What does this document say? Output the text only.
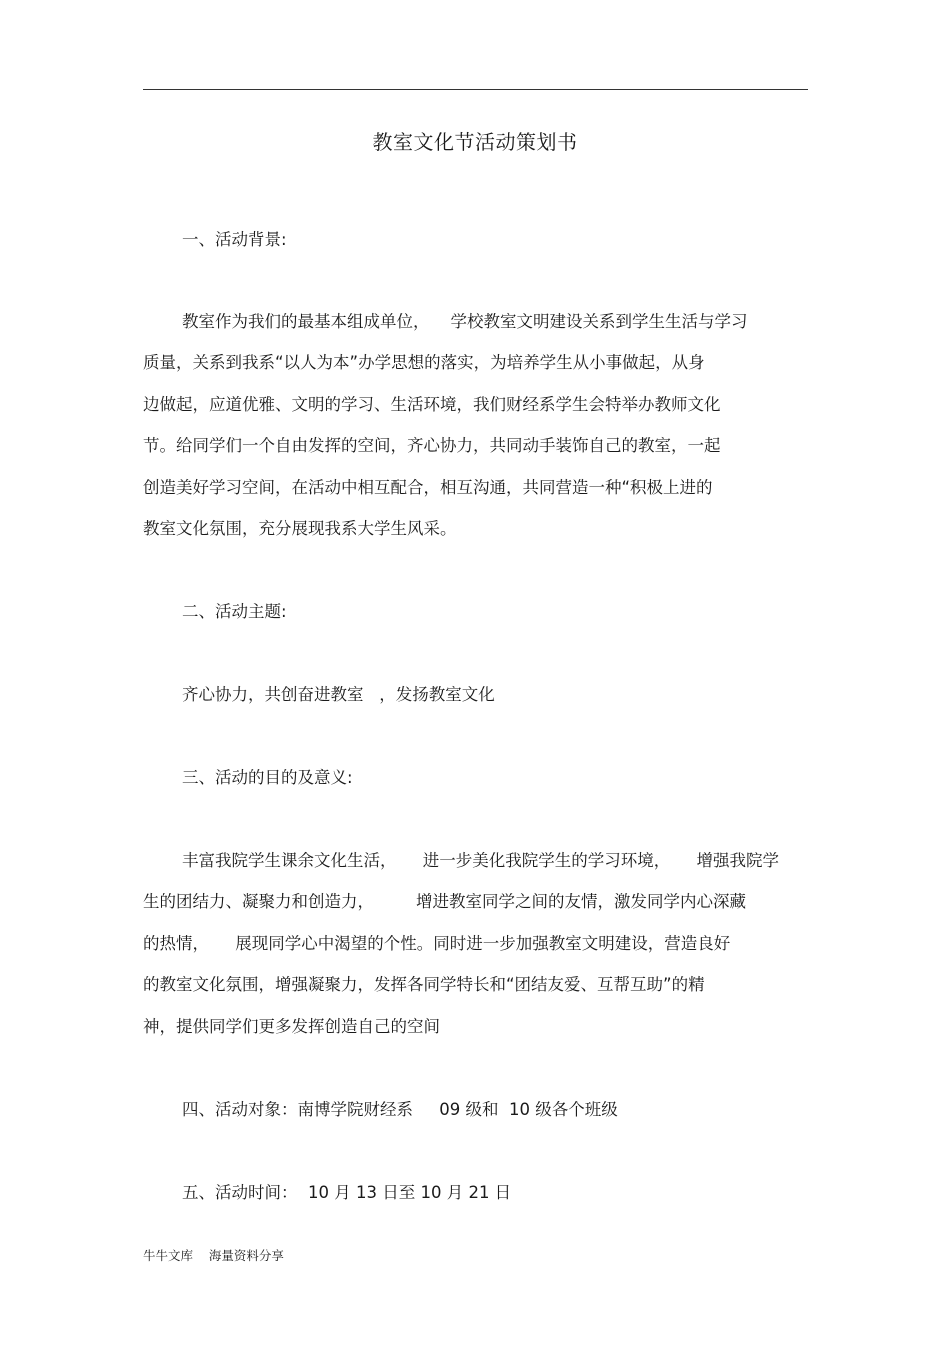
教室文化节活动策划书
一、活动背景:
教室作为我们的最基本组成单位，    学校教室文明建设关系到学生生活与学习
质量，关系到我系“以人为本”办学思想的落实，为培养学生从小事做起，从身
边做起，应道优雅、文明的学习、生活环境，我们财经系学生会特举办教师文化
节。给同学们一个自由发挥的空间，齐心协力，共同动手装饰自己的教室，一起
创造美好学习空间，在活动中相互配合，相互沟通，共同营造一种“积极上进的
教室文化氛围，充分展现我系大学生风采。
二、活动主题:
齐心协力，共创奋进教室   ，发扬教室文化
三、活动的目的及意义:
丰富我院学生课余文化生活，     进一步美化我院学生的学习环境，     增强我院学
生的团结力、凝聚力和创造力，        增进教室同学之间的友情，激发同学内心深藏
的热情，     展现同学心中渴望的个性。同时进一步加强教室文明建设，营造良好
的教室文化氛围，增强凝聚力，发挥各同学特长和“团结友爱、互帮互助”的精
神，提供同学们更多发挥创造自己的空间
四、活动对象：南博学院财经系     09 级和  10 级各个班级
五、活动时间：  10 月 13 日至 10 月 21 日
牛牛文库    海量资料分享
